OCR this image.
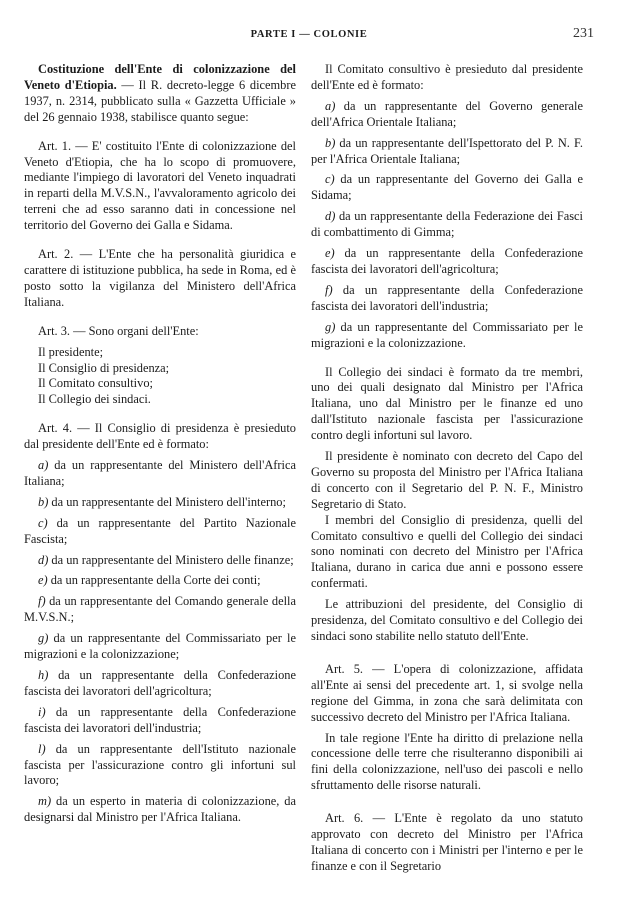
PARTE I — COLONIE	231

Costituzione dell'Ente di colonizzazione del Veneto d'Etiopia. — Il R. decreto-legge 6 dicembre 1937, n. 2314, pubblicato sulla « Gazzetta Ufficiale » del 26 gennaio 1938, stabilisce quanto segue:

Art. 1. — E' costituito l'Ente di colonizzazione del Veneto d'Etiopia, che ha lo scopo di promuovere, mediante l'impiego di lavoratori del Veneto inquadrati in reparti della M.V.S.N., l'avvaloramento agricolo dei terreni che ad esso saranno dati in concessione nel territorio del Governo dei Galla e Sidama.

Art. 2. — L'Ente che ha personalità giuridica e carattere di istituzione pubblica, ha sede in Roma, ed è posto sotto la vigilanza del Ministero dell'Africa Italiana.

Art. 3. — Sono organi dell'Ente:

Il presidente;

Il Consiglio di presidenza;

Il Comitato consultivo;

Il Collegio dei sindaci.

Art. 4. — Il Consiglio di presidenza è presieduto dal presidente dell'Ente ed è formato:

a) da un rappresentante del Ministero dell'Africa Italiana;

b) da un rappresentante del Ministero dell'interno;

c) da un rappresentante del Partito Nazionale Fascista;

d) da un rappresentante del Ministero delle finanze;

e) da un rappresentante della Corte dei conti;

f) da un rappresentante del Comando generale della M.V.S.N.;

g) da un rappresentante del Commissariato per le migrazioni e la colonizzazione;

h) da un rappresentante della Confederazione fascista dei lavoratori dell'agricoltura;

i) da un rappresentante della Confederazione fascista dei lavoratori dell'industria;

l) da un rappresentante dell'Istituto nazionale fascista per l'assicurazione contro gli infortuni sul lavoro;

m) da un esperto in materia di colonizzazione, da designarsi dal Ministro per l'Africa Italiana.

Il Comitato consultivo è presieduto dal presidente dell'Ente ed è formato:

a) da un rappresentante del Governo generale dell'Africa Orientale Italiana;

b) da un rappresentante dell'Ispettorato del P. N. F. per l'Africa Orientale Italiana;

c) da un rappresentante del Governo dei Galla e Sidama;

d) da un rappresentante della Federazione dei Fasci di combattimento di Gimma;

e) da un rappresentante della Confederazione fascista dei lavoratori dell'agricoltura;

f) da un rappresentante della Confederazione fascista dei lavoratori dell'industria;

g) da un rappresentante del Commissariato per le migrazioni e la colonizzazione.

Il Collegio dei sindaci è formato da tre membri, uno dei quali designato dal Ministro per l'Africa Italiana, uno dal Ministro per le finanze ed uno dall'Istituto nazionale fascista per l'assicurazione contro degli infortuni sul lavoro.

Il presidente è nominato con decreto del Capo del Governo su proposta del Ministro per l'Africa Italiana di concerto con il Segretario del P. N. F., Ministro Segretario di Stato.

I membri del Consiglio di presidenza, quelli del Comitato consultivo e quelli del Collegio dei sindaci sono nominati con decreto del Ministro per l'Africa Italiana, durano in carica due anni e possono essere confermati.

Le attribuzioni del presidente, del Consiglio di presidenza, del Comitato consultivo e del Collegio dei sindaci sono stabilite nello statuto dell'Ente.

Art. 5. — L'opera di colonizzazione, affidata all'Ente ai sensi del precedente art. 1, si svolge nella regione del Gimma, in zona che sarà delimitata con successivo decreto del Ministro per l'Africa Italiana.

In tale regione l'Ente ha diritto di prelazione nella concessione delle terre che risulteranno disponibili ai fini della colonizzazione, nell'uso dei pascoli e nello sfruttamento delle risorse naturali.

Art. 6. — L'Ente è regolato da uno statuto approvato con decreto del Ministro per l'Africa Italiana di concerto con i Ministri per l'interno e per le finanze e con il Segretario
